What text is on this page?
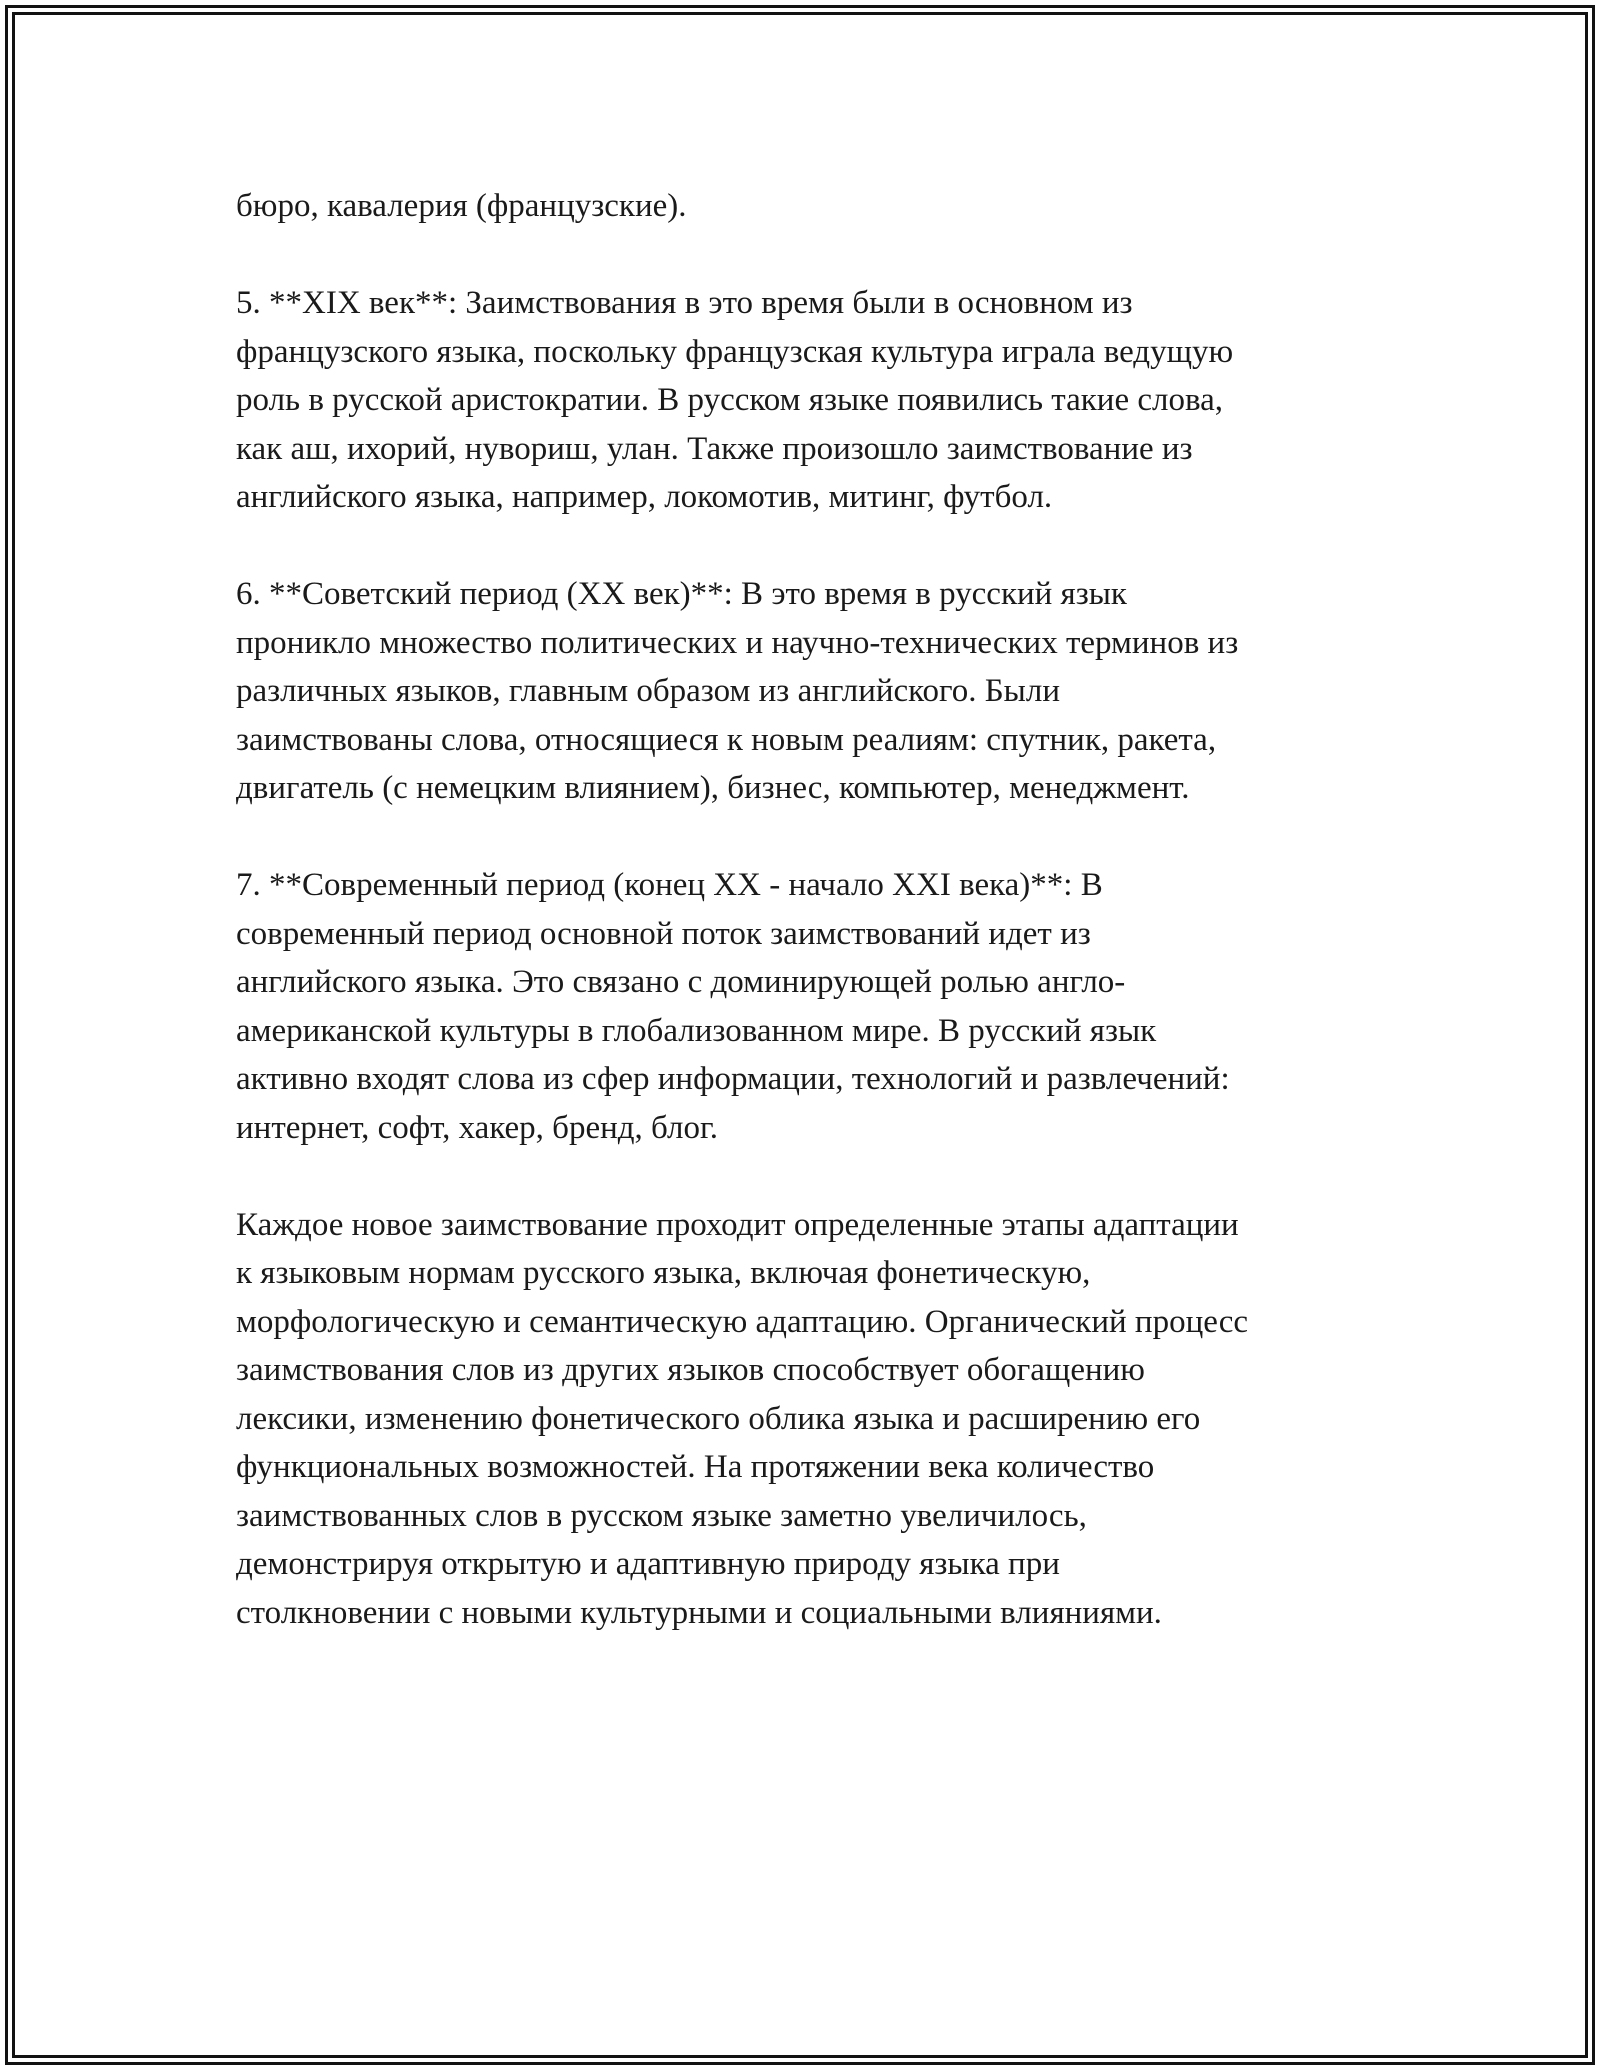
бюро, кавалерия (французские).

5. **XIX век**: Заимствования в это время были в основном из
французского языка, поскольку французская культура играла ведущую
роль в русской аристократии. В русском языке появились такие слова,
как аш, ихорий, нувориш, улан. Также произошло заимствование из
английского языка, например, локомотив, митинг, футбол.

6. **Советский период (XX век)**: В это время в русский язык
проникло множество политических и научно-технических терминов из
различных языков, главным образом из английского. Были
заимствованы слова, относящиеся к новым реалиям: спутник, ракета,
двигатель (с немецким влиянием), бизнес, компьютер, менеджмент.

7. **Современный период (конец XX - начало XXI века)**: В
современный период основной поток заимствований идет из
английского языка. Это связано с доминирующей ролью англо-
американской культуры в глобализованном мире. В русский язык
активно входят слова из сфер информации, технологий и развлечений:
интернет, софт, хакер, бренд, блог.

Каждое новое заимствование проходит определенные этапы адаптации
к языковым нормам русского языка, включая фонетическую,
морфологическую и семантическую адаптацию. Органический процесс
заимствования слов из других языков способствует обогащению
лексики, изменению фонетического облика языка и расширению его
функциональных возможностей. На протяжении века количество
заимствованных слов в русском языке заметно увеличилось,
демонстрируя открытую и адаптивную природу языка при
столкновении с новыми культурными и социальными влияниями.
